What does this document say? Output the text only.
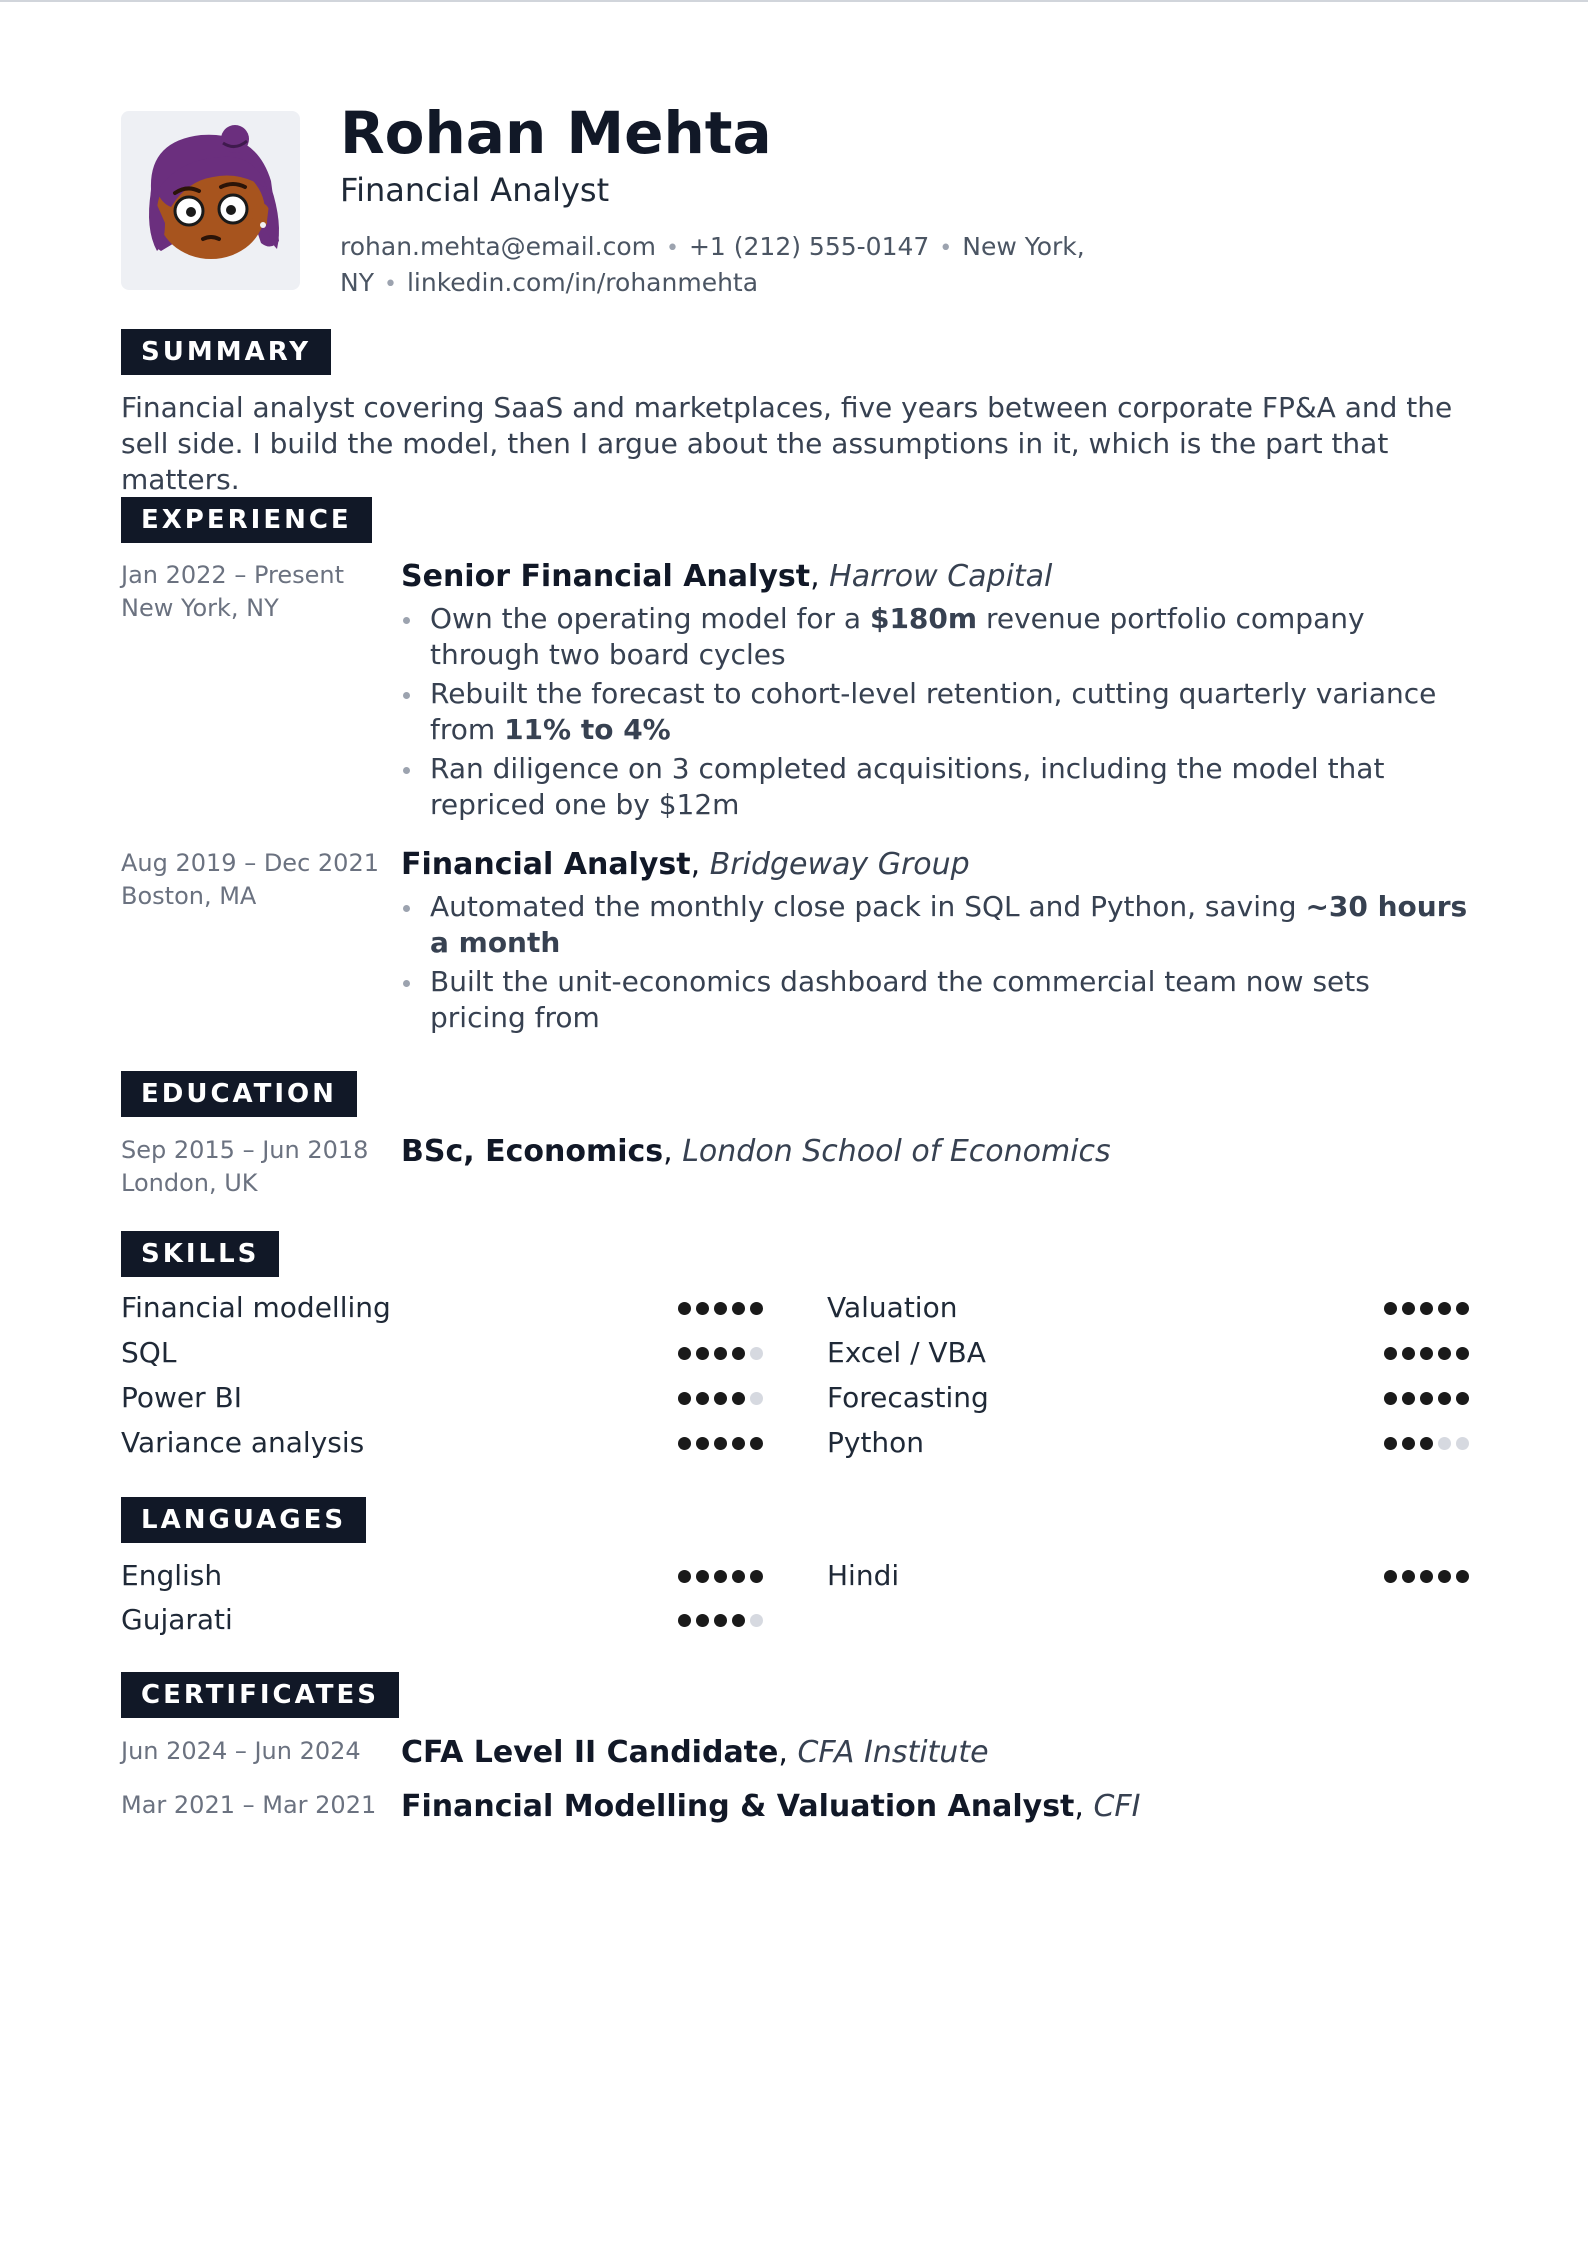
Rohan Mehta
Financial Analyst
rohan.mehta@email.com • +1 (212) 555-0147 • New York, NY • linkedin.com/in/rohanmehta
SUMMARY

Financial analyst covering SaaS and marketplaces, five years between corporate FP&A and the sell side. I build the model, then I argue about the assumptions in it, which is the part that matters.

EXPERIENCE
Jan 2022 – Present
New York, NY
Senior Financial Analyst, Harrow Capital
Own the operating model for a $180m revenue portfolio company through two board cycles
Rebuilt the forecast to cohort-level retention, cutting quarterly variance from 11% to 4%
Ran diligence on 3 completed acquisitions, including the model that repriced one by $12m
Aug 2019 – Dec 2021
Boston, MA
Financial Analyst, Bridgeway Group
Automated the monthly close pack in SQL and Python, saving ~30 hours a month
Built the unit-economics dashboard the commercial team now sets pricing from
EDUCATION
Sep 2015 – Jun 2018
London, UK
BSc, Economics, London School of Economics
SKILLS
Financial modelling	Valuation
SQL	Excel / VBA
Power BI	Forecasting
Variance analysis	Python
LANGUAGES
English	Hindi
Gujarati
CERTIFICATES
Jun 2024 – Jun 2024	CFA Level II Candidate, CFA Institute
Mar 2021 – Mar 2021 Financial Modelling & Valuation Analyst, CFI
